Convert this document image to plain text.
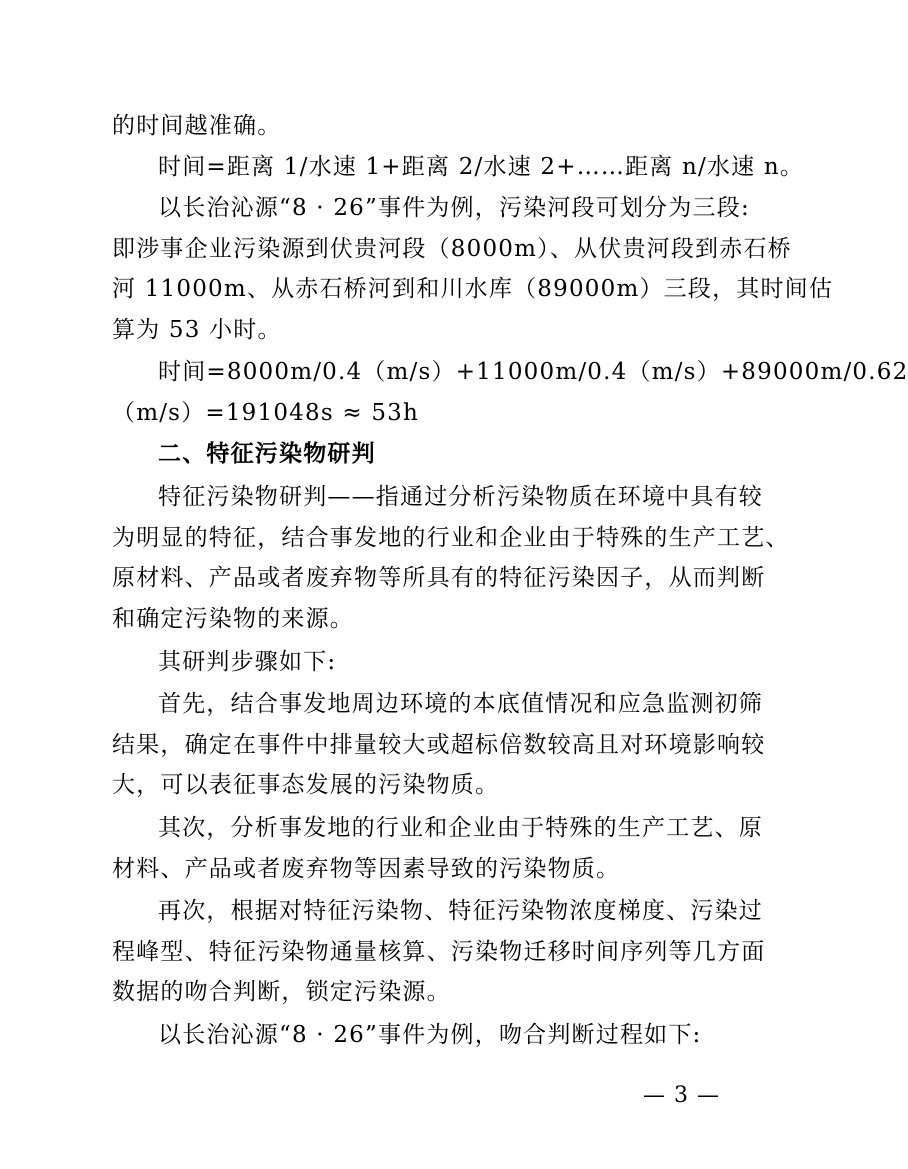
的时间越准确。

时间=距离 1/水速 1+距离 2/水速 2+……距离 n/水速 n。

以长治沁源“8 · 26”事件为例，污染河段可划分为三段:
即涉事企业污染源到伏贵河段（8000m）、从伏贵河段到赤石桥
河 11000m、从赤石桥河到和川水库（89000m）三段，其时间估
算为 53 小时。
时间=8000m/0.4（m/s）+11000m/0.4（m/s）+89000m/0.62
（m/s）=191048s ≈ 53h
二、特征污染物研判
特征污染物研判——指通过分析污染物质在环境中具有较
为明显的特征，结合事发地的行业和企业由于特殊的生产工艺、
原材料、产品或者废弃物等所具有的特征污染因子，从而判断
和确定污染物的来源。
其研判步骤如下:
首先，结合事发地周边环境的本底值情况和应急监测初筛
结果，确定在事件中排量较大或超标倍数较高且对环境影响较
大，可以表征事态发展的污染物质。
其次，分析事发地的行业和企业由于特殊的生产工艺、原
材料、产品或者废弃物等因素导致的污染物质。
再次，根据对特征污染物、特征污染物浓度梯度、污染过
程峰型、特征污染物通量核算、污染物迁移时间序列等几方面
数据的吻合判断，锁定污染源。
以长治沁源“8 · 26”事件为例，吻合判断过程如下:
— 3 —
